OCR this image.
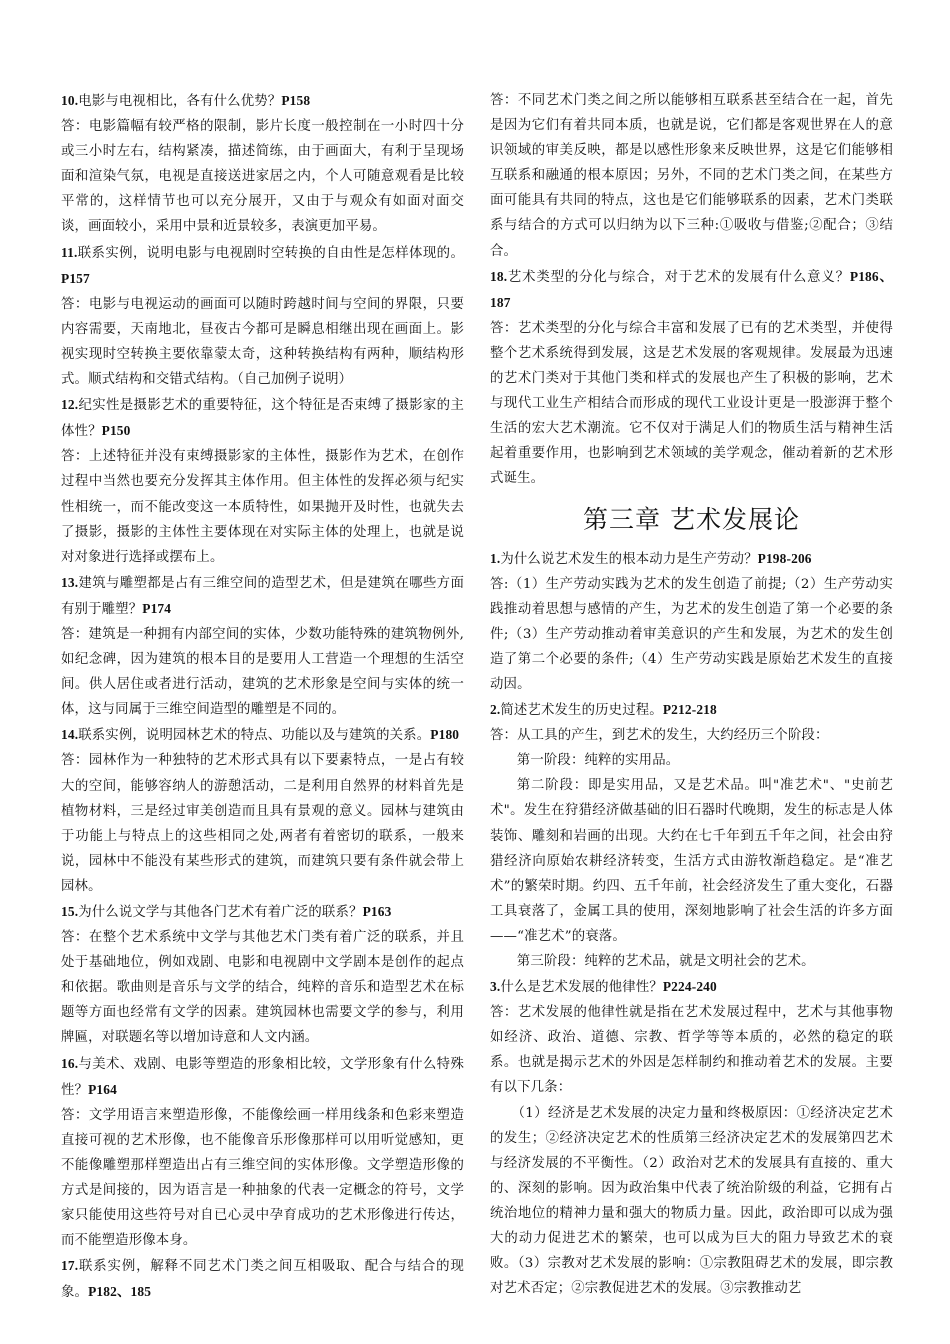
10.电影与电视相比，各有什么优势？P158

答：电影篇幅有较严格的限制，影片长度一般控制在一小时四十分或三小时左右，结构紧凑，描述简练，由于画面大，有利于呈现场面和渲染气氛，电视是直接送进家居之内，个人可随意观看是比较平常的，这样情节也可以充分展开，又由于与观众有如面对面交谈，画面较小，采用中景和近景较多，表演更加平易。

11.联系实例，说明电影与电视剧时空转换的自由性是怎样体现的。P157

答：电影与电视运动的画面可以随时跨越时间与空间的界限，只要内容需要，天南地北，昼夜古今都可是瞬息相继出现在画面上。影视实现时空转换主要依靠蒙太奇，这种转换结构有两种，顺结构形式。顺式结构和交错式结构。（自己加例子说明）

12.纪实性是摄影艺术的重要特征，这个特征是否束缚了摄影家的主体性？P150

答：上述特征并没有束缚摄影家的主体性，摄影作为艺术，在创作过程中当然也要充分发挥其主体作用。但主体性的发挥必须与纪实性相统一，而不能改变这一本质特性，如果抛开及时性，也就失去了摄影，摄影的主体性主要体现在对实际主体的处理上，也就是说对对象进行选择或摆布上。

13.建筑与雕塑都是占有三维空间的造型艺术，但是建筑在哪些方面有别于雕塑？P174

答：建筑是一种拥有内部空间的实体，少数功能特殊的建筑物例外,如纪念碑，因为建筑的根本目的是要用人工营造一个理想的生活空间。供人居住或者进行活动，建筑的艺术形象是空间与实体的统一体，这与同属于三维空间造型的雕塑是不同的。

14.联系实例，说明园林艺术的特点、功能以及与建筑的关系。P180

答：园林作为一种独特的艺术形式具有以下要素特点，一是占有较大的空间，能够容纳人的游憩活动，二是利用自然界的材料首先是植物材料，三是经过审美创造而且具有景观的意义。园林与建筑由于功能上与特点上的这些相同之处,两者有着密切的联系，一般来说，园林中不能没有某些形式的建筑，而建筑只要有条件就会带上园林。

15.为什么说文学与其他各门艺术有着广泛的联系？P163

答：在整个艺术系统中文学与其他艺术门类有着广泛的联系，并且处于基础地位，例如戏剧、电影和电视剧中文学剧本是创作的起点和依据。歌曲则是音乐与文学的结合，纯粹的音乐和造型艺术在标题等方面也经常有文学的因素。建筑园林也需要文学的参与，利用牌匾，对联题名等以增加诗意和人文内涵。

16.与美术、戏剧、电影等塑造的形象相比较，文学形象有什么特殊性？P164

答：文学用语言来塑造形像，不能像绘画一样用线条和色彩来塑造直接可视的艺术形像，也不能像音乐形像那样可以用听觉感知，更不能像雕塑那样塑造出占有三维空间的实体形像。文学塑造形像的方式是间接的，因为语言是一种抽象的代表一定概念的符号，文学家只能使用这些符号对自已心灵中孕育成功的艺术形像进行传达，而不能塑造形像本身。

17.联系实例，解释不同艺术门类之间互相吸取、配合与结合的现象。P182、185

答：不同艺术门类之间之所以能够相互联系甚至结合在一起，首先是因为它们有着共同本质，也就是说，它们都是客观世界在人的意识领域的审美反映，都是以感性形象来反映世界，这是它们能够相互联系和融通的根本原因；另外，不同的艺术门类之间，在某些方面可能具有共同的特点，这也是它们能够联系的因素，艺术门类联系与结合的方式可以归纳为以下三种:①吸收与借鉴;②配合；③结合。

18.艺术类型的分化与综合，对于艺术的发展有什么意义？P186、187

答：艺术类型的分化与综合丰富和发展了已有的艺术类型，并使得整个艺术系统得到发展，这是艺术发展的客观规律。发展最为迅速的艺术门类对于其他门类和样式的发展也产生了积极的影响，艺术与现代工业生产相结合而形成的现代工业设计更是一股澎湃于整个生活的宏大艺术潮流。它不仅对于满足人们的物质生活与精神生活起着重要作用，也影响到艺术领域的美学观念，催动着新的艺术形式诞生。

第三章 艺术发展论

1.为什么说艺术发生的根本动力是生产劳动？P198-206

答:（1）生产劳动实践为艺术的发生创造了前提;（2）生产劳动实践推动着思想与感情的产生，为艺术的发生创造了第一个必要的条件;（3）生产劳动推动着审美意识的产生和发展，为艺术的发生创造了第二个必要的条件;（4）生产劳动实践是原始艺术发生的直接动因。

2.简述艺术发生的历史过程。P212-218

答：从工具的产生，到艺术的发生，大约经历三个阶段：

第一阶段：纯粹的实用品。

第二阶段：即是实用品，又是艺术品。叫"准艺术"、"史前艺术"。发生在狩猎经济做基础的旧石器时代晚期，发生的标志是人体装饰、雕刻和岩画的出现。大约在七千年到五千年之间，社会由狩猎经济向原始农耕经济转变，生活方式由游牧渐趋稳定。是“准艺术”的繁荣时期。约四、五千年前，社会经济发生了重大变化，石器工具衰落了，金属工具的使用，深刻地影响了社会生活的许多方面——“准艺术”的衰落。

第三阶段：纯粹的艺术品，就是文明社会的艺术。

3.什么是艺术发展的他律性？P224-240

答：艺术发展的他律性就是指在艺术发展过程中，艺术与其他事物如经济、政治、道德、宗教、哲学等等本质的，必然的稳定的联系。也就是揭示艺术的外因是怎样制约和推动着艺术的发展。主要有以下几条：

（1）经济是艺术发展的决定力量和终极原因：①经济决定艺术的发生；②经济决定艺术的性质第三经济决定艺术的发展第四艺术与经济发展的不平衡性。（2）政治对艺术的发展具有直接的、重大的、深刻的影响。因为政治集中代表了统治阶级的利益，它拥有占统治地位的精神力量和强大的物质力量。因此，政治即可以成为强大的动力促进艺术的繁荣，也可以成为巨大的阻力导致艺术的衰败。（3）宗教对艺术发展的影响：①宗教阻碍艺术的发展，即宗教对艺术否定；②宗教促进艺术的发展。③宗教推动艺
